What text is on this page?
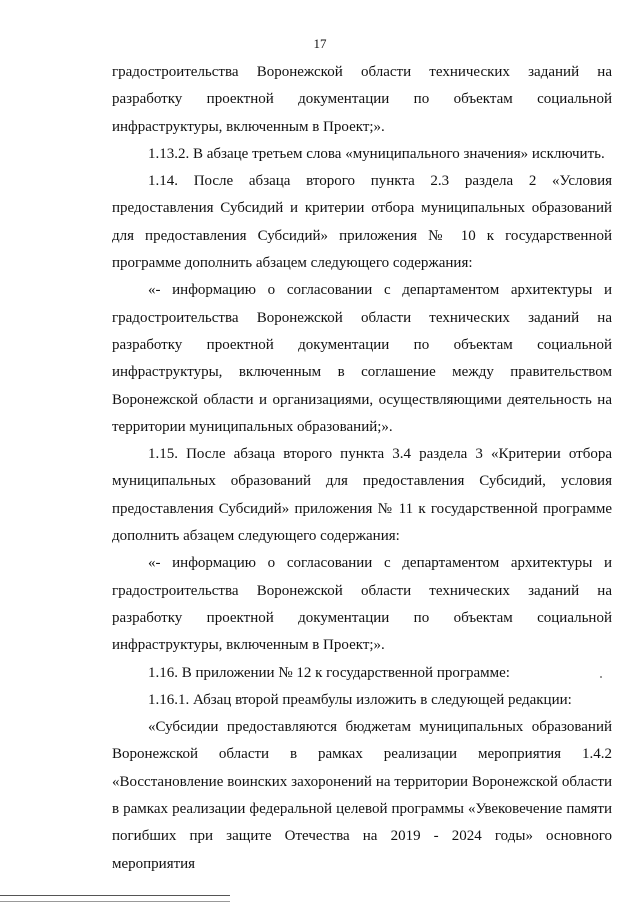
17

градостроительства Воронежской области технических заданий на разработку проектной документации по объектам социальной инфраструктуры, включенным в Проект;».

1.13.2. В абзаце третьем слова «муниципального значения» исключить.

1.14. После абзаца второго пункта 2.3 раздела 2 «Условия предоставления Субсидий и критерии отбора муниципальных образований для предоставления Субсидий» приложения № 10 к государственной программе дополнить абзацем следующего содержания:

«- информацию о согласовании с департаментом архитектуры и градостроительства Воронежской области технических заданий на разработку проектной документации по объектам социальной инфраструктуры, включенным в соглашение между правительством Воронежской области и организациями, осуществляющими деятельность на территории муниципальных образований;».

1.15. После абзаца второго пункта 3.4 раздела 3 «Критерии отбора муниципальных образований для предоставления Субсидий, условия предоставления Субсидий» приложения № 11 к государственной программе дополнить абзацем следующего содержания:

«- информацию о согласовании с департаментом архитектуры и градостроительства Воронежской области технических заданий на разработку проектной документации по объектам социальной инфраструктуры, включенным в Проект;».

1.16. В приложении № 12 к государственной программе:

1.16.1. Абзац второй преамбулы изложить в следующей редакции:

«Субсидии предоставляются бюджетам муниципальных образований Воронежской области в рамках реализации мероприятия 1.4.2 «Восстановление воинских захоронений на территории Воронежской области в рамках реализации федеральной целевой программы «Увековечение памяти погибших при защите Отечества на 2019 - 2024 годы» основного мероприятия
